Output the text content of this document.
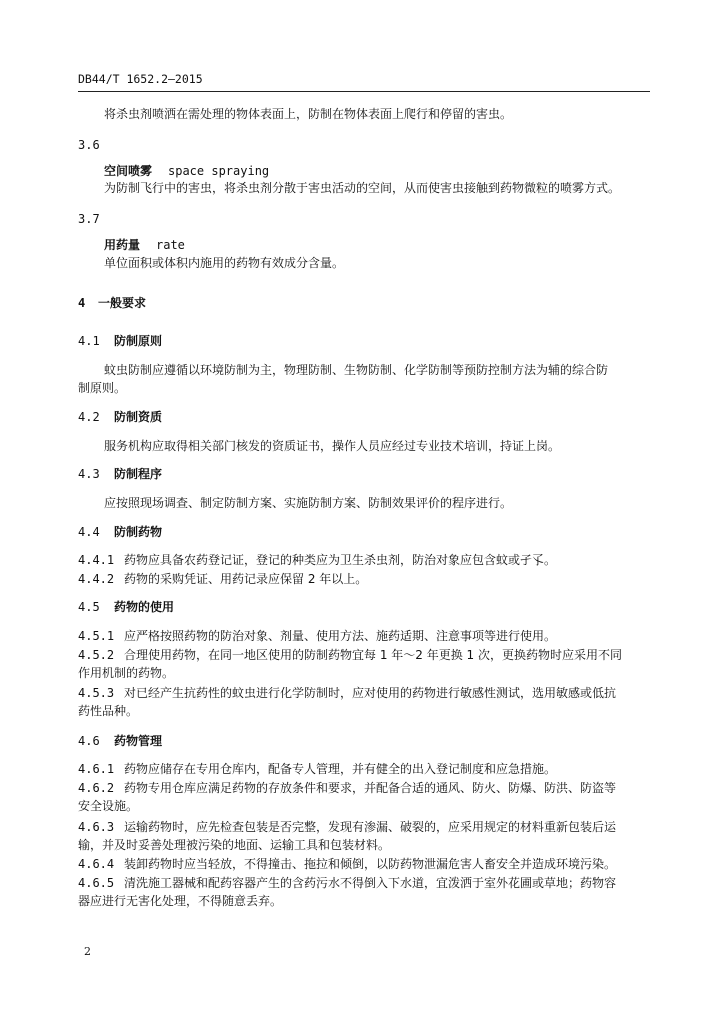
DB44/T 1652.2—2015
将杀虫剂喷洒在需处理的物体表面上，防制在物体表面上爬行和停留的害虫。
3.6
空间喷雾 space spraying
为防制飞行中的害虫，将杀虫剂分散于害虫活动的空间，从而使害虫接触到药物微粒的喷雾方式。
3.7
用药量 rate
单位面积或体积内施用的药物有效成分含量。
4 一般要求
4.1 防制原则
蚊虫防制应遵循以环境防制为主，物理防制、生物防制、化学防制等预防控制方法为辅的综合防
制原则。
4.2 防制资质
服务机构应取得相关部门核发的资质证书，操作人员应经过专业技术培训，持证上岗。
4.3 防制程序
应按照现场调查、制定防制方案、实施防制方案、防制效果评价的程序进行。
4.4 防制药物
4.4.1 药物应具备农药登记证，登记的种类应为卫生杀虫剂，防治对象应包含蚊或孑孓。
4.4.2 药物的采购凭证、用药记录应保留 2 年以上。
4.5 药物的使用
4.5.1 应严格按照药物的防治对象、剂量、使用方法、施药适期、注意事项等进行使用。
4.5.2 合理使用药物，在同一地区使用的防制药物宜每 1 年～2 年更换 1 次，更换药物时应采用不同
作用机制的药物。
4.5.3 对已经产生抗药性的蚊虫进行化学防制时，应对使用的药物进行敏感性测试，选用敏感或低抗
药性品种。
4.6 药物管理
4.6.1 药物应储存在专用仓库内，配备专人管理，并有健全的出入登记制度和应急措施。
4.6.2 药物专用仓库应满足药物的存放条件和要求，并配备合适的通风、防火、防爆、防洪、防盗等
安全设施。
4.6.3 运输药物时，应先检查包装是否完整，发现有渗漏、破裂的，应采用规定的材料重新包装后运
输，并及时妥善处理被污染的地面、运输工具和包装材料。
4.6.4 装卸药物时应当轻放，不得撞击、拖拉和倾倒，以防药物泄漏危害人畜安全并造成环境污染。
4.6.5 清洗施工器械和配药容器产生的含药污水不得倒入下水道，宜泼洒于室外花圃或草地；药物容
器应进行无害化处理，不得随意丢弃。
2
